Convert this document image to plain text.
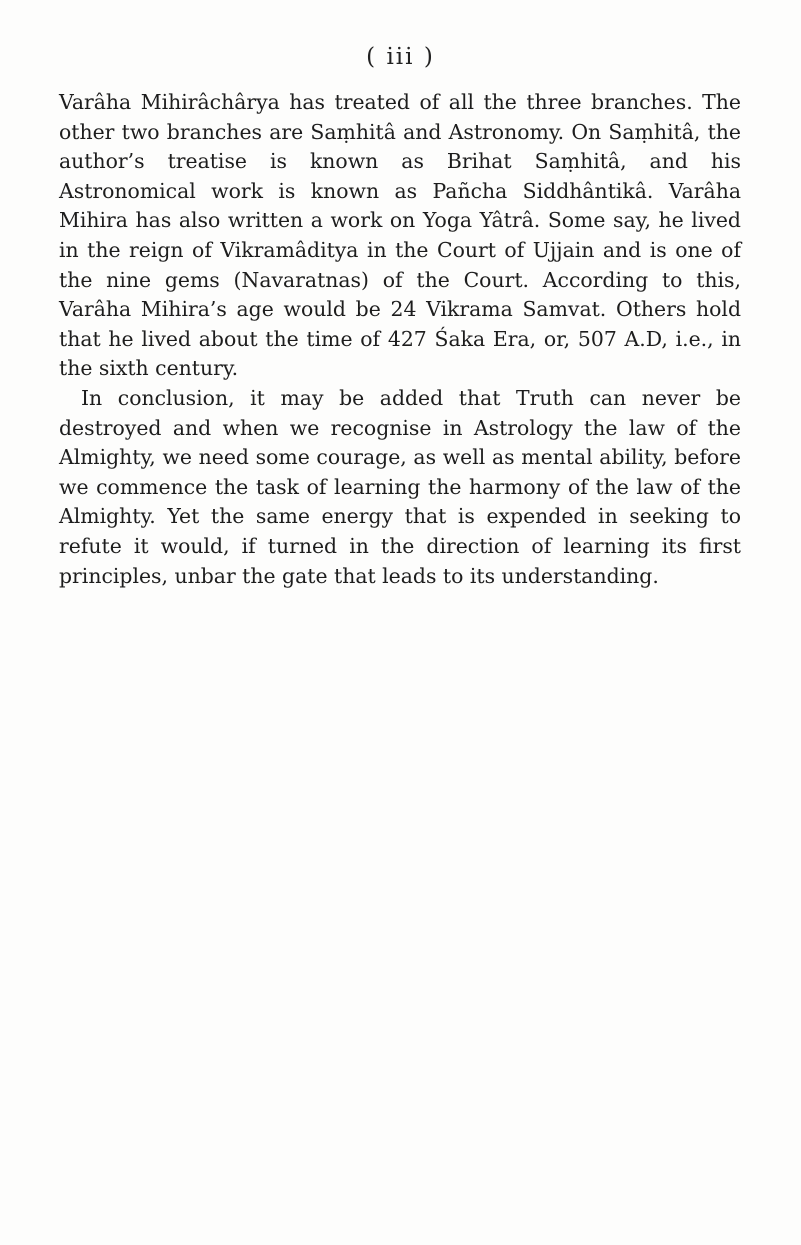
( iii )

Varâha Mihirâchârya has treated of all the three branches. The other two branches are Saṃhitâ and Astronomy. On Saṃhitâ, the author’s treatise is known as Brihat Saṃhitâ, and his Astronomical work is known as Pañcha Siddhântikâ. Varâha Mihira has also written a work on Yoga Yâtrâ. Some say, he lived in the reign of Vikramâditya in the Court of Ujjain and is one of the nine gems (Navaratnas) of the Court. According to this, Varâha Mihira’s age would be 24 Vikrama Samvat. Others hold that he lived about the time of 427 Śaka Era, or, 507 A.D, i.e., in the sixth century.

In conclusion, it may be added that Truth can never be destroyed and when we recognise in Astrology the law of the Almighty, we need some courage, as well as mental ability, before we commence the task of learning the harmony of the law of the Almighty. Yet the same energy that is expended in seeking to refute it would, if turned in the direction of learning its first principles, unbar the gate that leads to its understanding.
